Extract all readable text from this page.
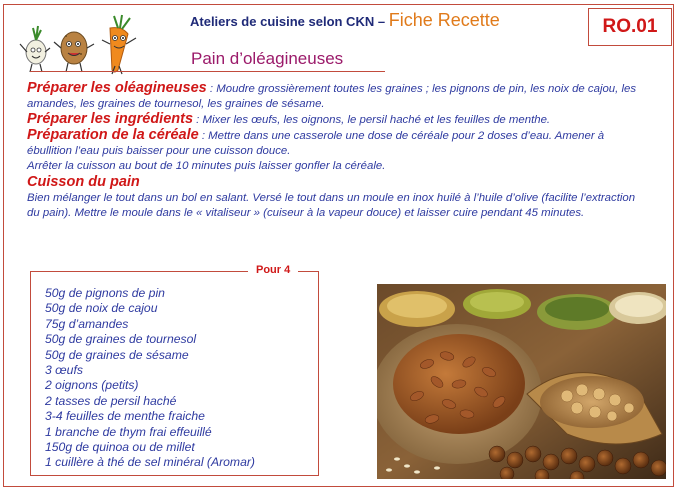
Ateliers de cuisine selon CKN – Fiche Recette	RO.01
Pain d’oléagineuses

Préparer les oléagineuses : Moudre grossièrement toutes les graines ; les pignons de pin, les noix de cajou, les amandes, les graines de tournesol, les graines de sésame.

Préparer les ingrédients : Mixer les œufs, les oignons, le persil haché et les feuilles de menthe.

Préparation de la céréale : Mettre dans une casserole une dose de céréale pour 2 doses d’eau. Amener à ébullition l’eau puis baisser pour une cuisson douce.
Arrêter la cuisson au bout de 10 minutes puis laisser gonfler la céréale.

Cuisson du pain
Bien mélanger le tout dans un bol en salant. Versé le tout dans un moule en inox huilé à l’huile d’olive (facilite l’extraction du pain). Mettre le moule dans le « vitaliseur » (cuiseur à la vapeur douce) et laisser cuire pendant 45 minutes.

50g de pignons de pin
50g de noix de cajou
75g d’amandes
50g de graines de tournesol
50g de graines de sésame
3 œufs
2 oignons (petits)
2 tasses de persil haché
3-4 feuilles de menthe fraiche
1 branche de thym frai effeuillé
150g de quinoa ou de millet
1 cuillère à thé de sel minéral (Aromar)
Pour 4
